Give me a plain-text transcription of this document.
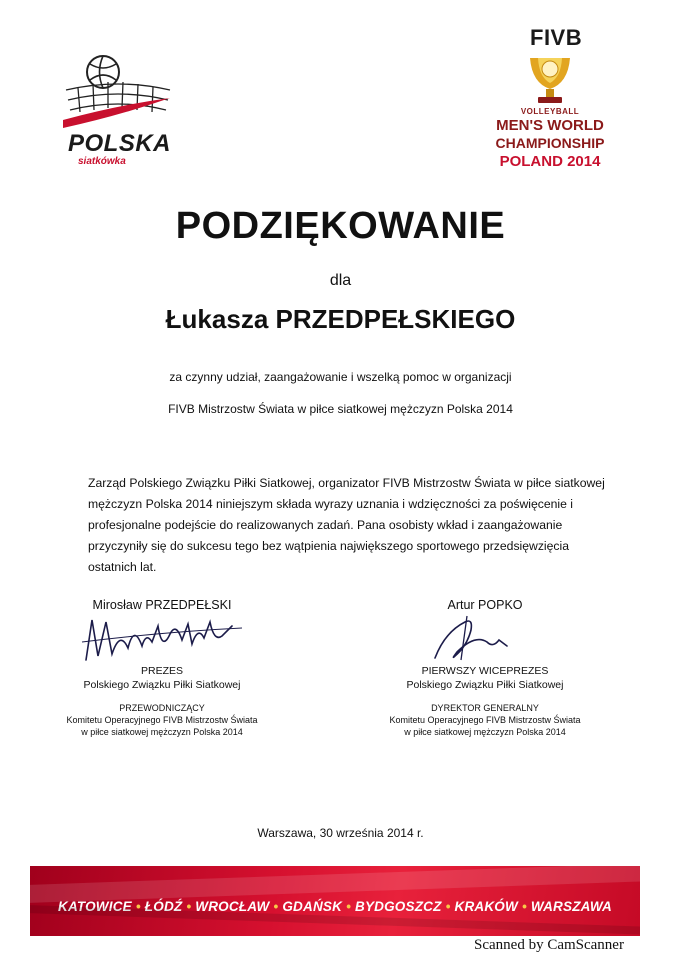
POLSKA
siatkówka
FIVB
VOLLEYBALL
MEN'S WORLD
CHAMPIONSHIP
POLAND 2014
PODZIĘKOWANIE
dla
Łukasza PRZEDPEŁSKIEGO
za czynny udział, zaangażowanie i wszelką pomoc w organizacji
FIVB Mistrzostw Świata w piłce siatkowej mężczyzn Polska 2014
Zarząd Polskiego Związku Piłki Siatkowej, organizator FIVB Mistrzostw Świata w piłce siatkowej mężczyzn Polska 2014 niniejszym składa wyrazy uznania i wdzięczności za poświęcenie i profesjonalne podejście do realizowanych zadań. Pana osobisty wkład i zaangażowanie przyczyniły się do sukcesu tego bez wątpienia największego sportowego przedsięwzięcia ostatnich lat.
Mirosław PRZEDPEŁSKI
PREZES
Polskiego Związku Piłki Siatkowej
PRZEWODNICZĄCY
Komitetu Operacyjnego FIVB Mistrzostw Świata
w piłce siatkowej mężczyzn Polska 2014
Artur POPKO
PIERWSZY WICEPREZES
Polskiego Związku Piłki Siatkowej
DYREKTOR GENERALNY
Komitetu Operacyjnego FIVB Mistrzostw Świata
w piłce siatkowej mężczyzn Polska 2014
Warszawa, 30 września 2014 r.
KATOWICE • ŁÓDŹ • WROCŁAW • GDAŃSK • BYDGOSZCZ • KRAKÓW • WARSZAWA
Scanned by CamScanner
